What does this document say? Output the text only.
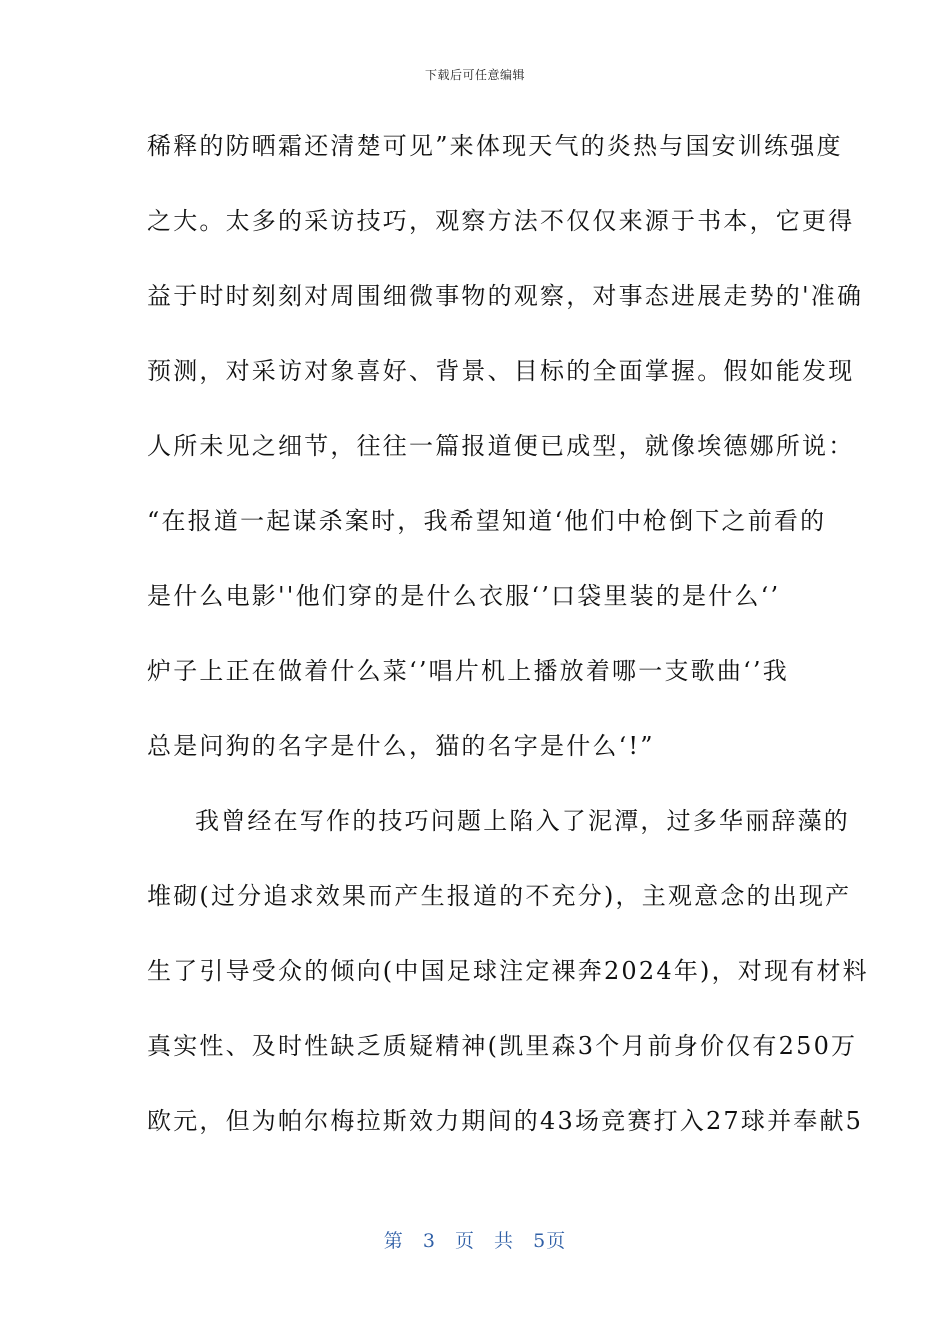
下载后可任意编辑
稀释的防晒霜还清楚可见”来体现天气的炎热与国安训练强度
之大。太多的采访技巧，观察方法不仅仅来源于书本，它更得
益于时时刻刻对周围细微事物的观察，对事态进展走势的'准确
预测，对采访对象喜好、背景、目标的全面掌握。假如能发现
人所未见之细节，往往一篇报道便已成型，就像埃德娜所说：
“在报道一起谋杀案时，我希望知道‘他们中枪倒下之前看的
是什么电影''他们穿的是什么衣服‘’口袋里装的是什么‘’
炉子上正在做着什么菜‘’唱片机上播放着哪一支歌曲‘’我
总是问狗的名字是什么，猫的名字是什么‘!”
我曾经在写作的技巧问题上陷入了泥潭，过多华丽辞藻的
堆砌(过分追求效果而产生报道的不充分)，主观意念的出现产
生了引导受众的倾向(中国足球注定裸奔2024年)，对现有材料
真实性、及时性缺乏质疑精神(凯里森3个月前身价仅有250万
欧元，但为帕尔梅拉斯效力期间的43场竞赛打入27球并奉献5
第 3 页 共 5页
